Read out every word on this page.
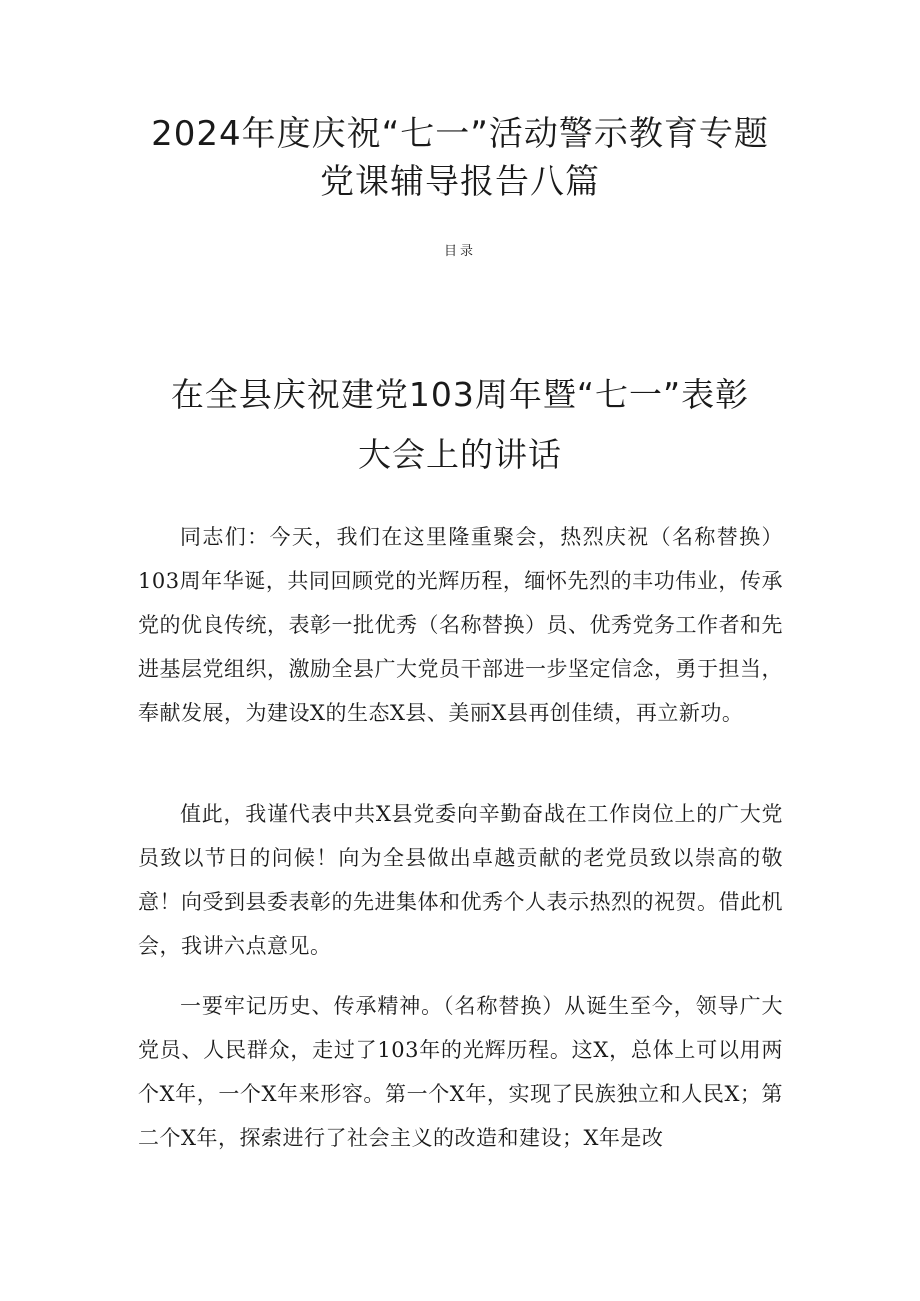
2024年度庆祝“七一”活动警示教育专题
党课辅导报告八篇
目录
在全县庆祝建党103周年暨“七一”表彰
大会上的讲话

同志们：今天，我们在这里隆重聚会，热烈庆祝（名称替换）103周年华诞，共同回顾党的光辉历程，缅怀先烈的丰功伟业，传承党的优良传统，表彰一批优秀（名称替换）员、优秀党务工作者和先进基层党组织，激励全县广大党员干部进一步坚定信念，勇于担当，奉献发展，为建设X的生态X县、美丽X县再创佳绩，再立新功。

值此，我谨代表中共X县党委向辛勤奋战在工作岗位上的广大党员致以节日的问候！向为全县做出卓越贡献的老党员致以崇高的敬意！向受到县委表彰的先进集体和优秀个人表示热烈的祝贺。借此机会，我讲六点意见。

一要牢记历史、传承精神。（名称替换）从诞生至今，领导广大党员、人民群众，走过了103年的光辉历程。这X，总体上可以用两个X年，一个X年来形容。第一个X年，实现了民族独立和人民X；第二个X年，探索进行了社会主义的改造和建设；X年是改
